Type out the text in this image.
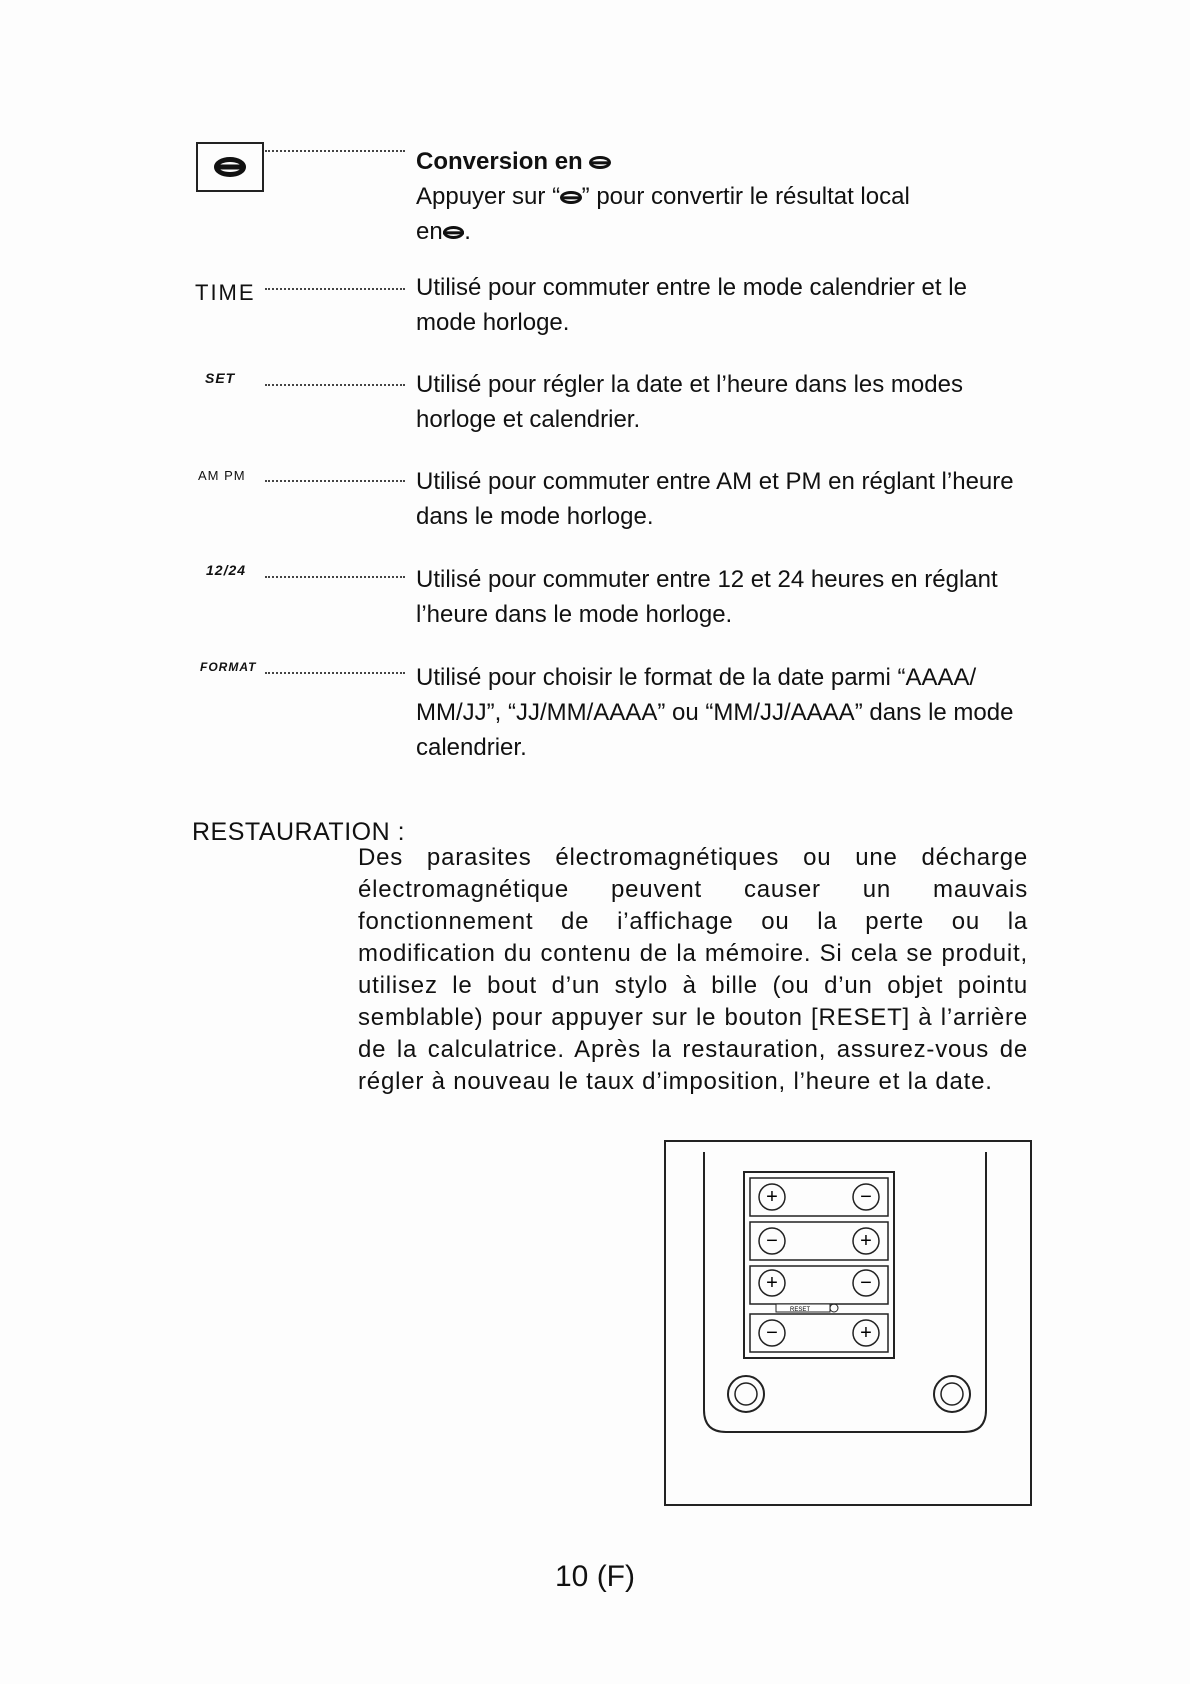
Conversion en
Appuyer sur “ ” pour convertir le résultat local
en .
TIME	Utilisé pour commuter entre le mode calendrier et le mode horloge.
SET	Utilisé pour régler la date et l’heure dans les modes horloge et calendrier.
AM PM	Utilisé pour commuter entre AM et PM en réglant l’heure dans le mode horloge.
12/24	Utilisé pour commuter entre 12 et 24 heures en réglant l’heure dans le mode horloge.
FORMAT	Utilisé pour choisir le format de la date parmi “AAAA/ MM/JJ”, “JJ/MM/AAAA” ou “MM/JJ/AAAA” dans le mode calendrier.
RESTAURATION :
Des parasites électromagnétiques ou une décharge électromagnétique peuvent causer un mauvais fonctionnement de i’affichage ou la perte ou la modification du contenu de la mémoire. Si cela se produit, utilisez le bout d’un stylo à bille (ou d’un objet pointu semblable) pour appuyer sur le bouton [RESET] à l’arrière de la calculatrice. Après la restauration, assurez-vous de régler à nouveau le taux d’imposition, l’heure et la date.
+	−
−	+
+	−
RESET
−	+
10 (F)
